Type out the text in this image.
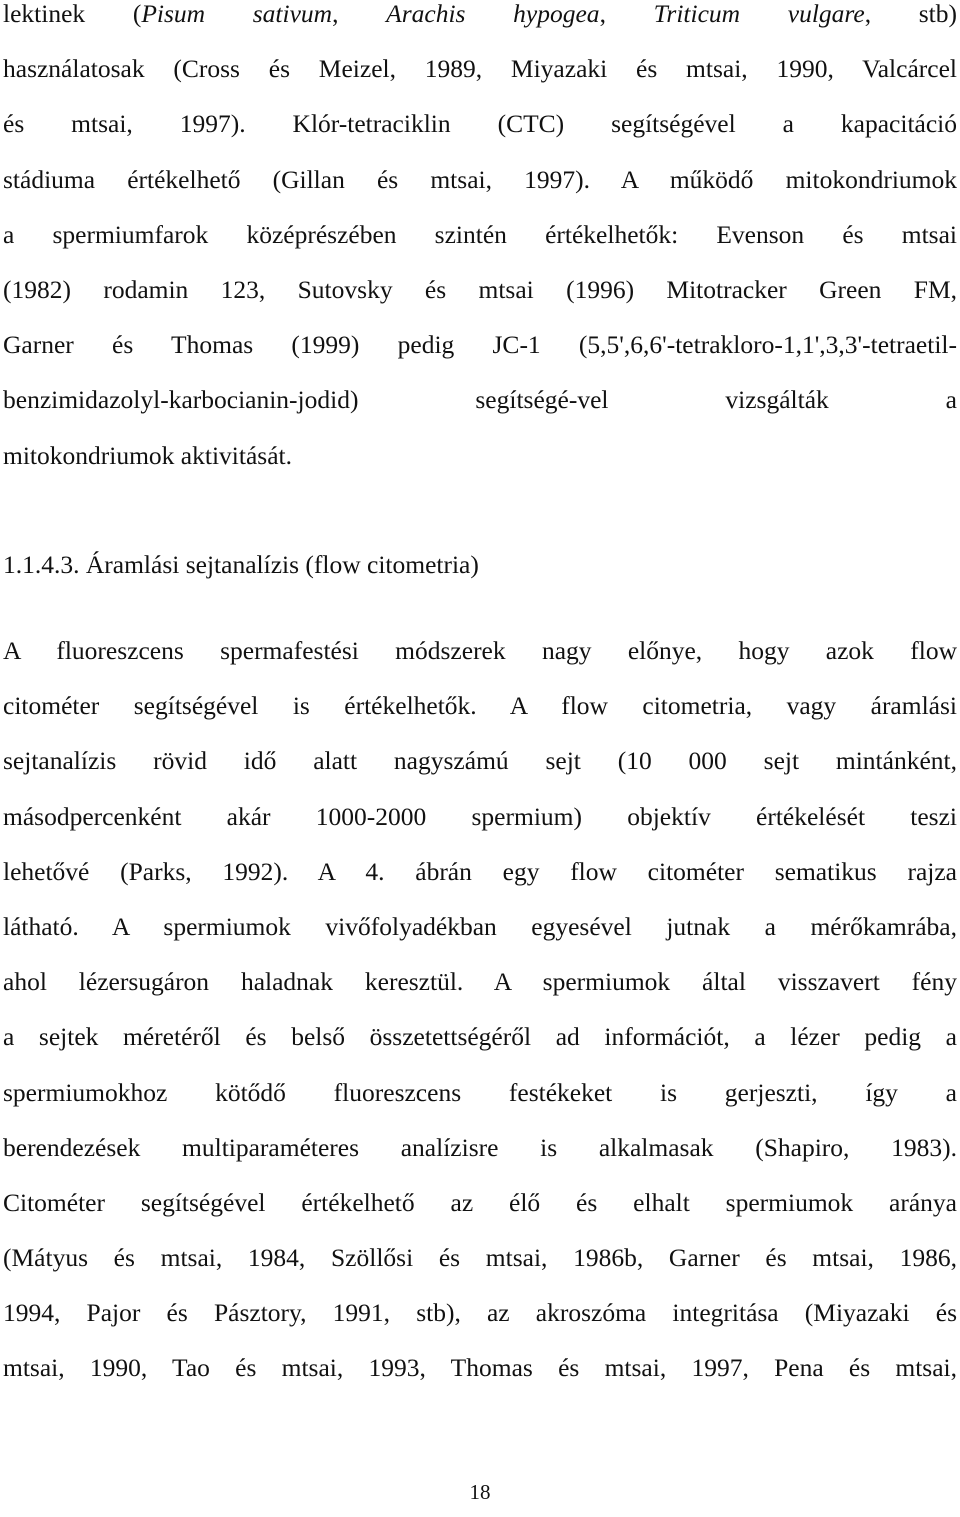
lektinek (Pisum sativum, Arachis hypogea, Triticum vulgare, stb)
használatosak (Cross és Meizel, 1989, Miyazaki és mtsai, 1990, Valcárcel
és mtsai, 1997). Klór-tetraciklin (CTC) segítségével a kapacitáció
stádiuma értékelhető (Gillan és mtsai, 1997). A működő mitokondriumok
a spermiumfarok középrészében szintén értékelhetők: Evenson és mtsai
(1982) rodamin 123, Sutovsky és mtsai (1996) Mitotracker Green FM,
Garner és Thomas (1999) pedig JC-1 (5,5',6,6'-tetrakloro-1,1',3,3'-tetraetil-
benzimidazolyl-karbocianin-jodid) segítségé-vel vizsgálták a
mitokondriumok aktivitását.
1.1.4.3. Áramlási sejtanalízis (flow citometria)
A fluoreszcens spermafestési módszerek nagy előnye, hogy azok flow
citométer segítségével is értékelhetők. A flow citometria, vagy áramlási
sejtanalízis rövid idő alatt nagyszámú sejt (10 000 sejt mintánként,
másodpercenként akár 1000-2000 spermium) objektív értékelését teszi
lehetővé (Parks, 1992). A 4. ábrán egy flow citométer sematikus rajza
látható. A spermiumok vivőfolyadékban egyesével jutnak a mérőkamrába,
ahol lézersugáron haladnak keresztül. A spermiumok által visszavert fény
a sejtek méretéről és belső összetettségéről ad információt, a lézer pedig a
spermiumokhoz kötődő fluoreszcens festékeket is gerjeszti, így a
berendezések multiparaméteres analízisre is alkalmasak (Shapiro, 1983).
Citométer segítségével értékelhető az élő és elhalt spermiumok aránya
(Mátyus és mtsai, 1984, Szöllősi és mtsai, 1986b, Garner és mtsai, 1986,
1994, Pajor és Pásztory, 1991, stb), az akroszóma integritása (Miyazaki és
mtsai, 1990, Tao és mtsai, 1993, Thomas és mtsai, 1997, Pena és mtsai,
18
